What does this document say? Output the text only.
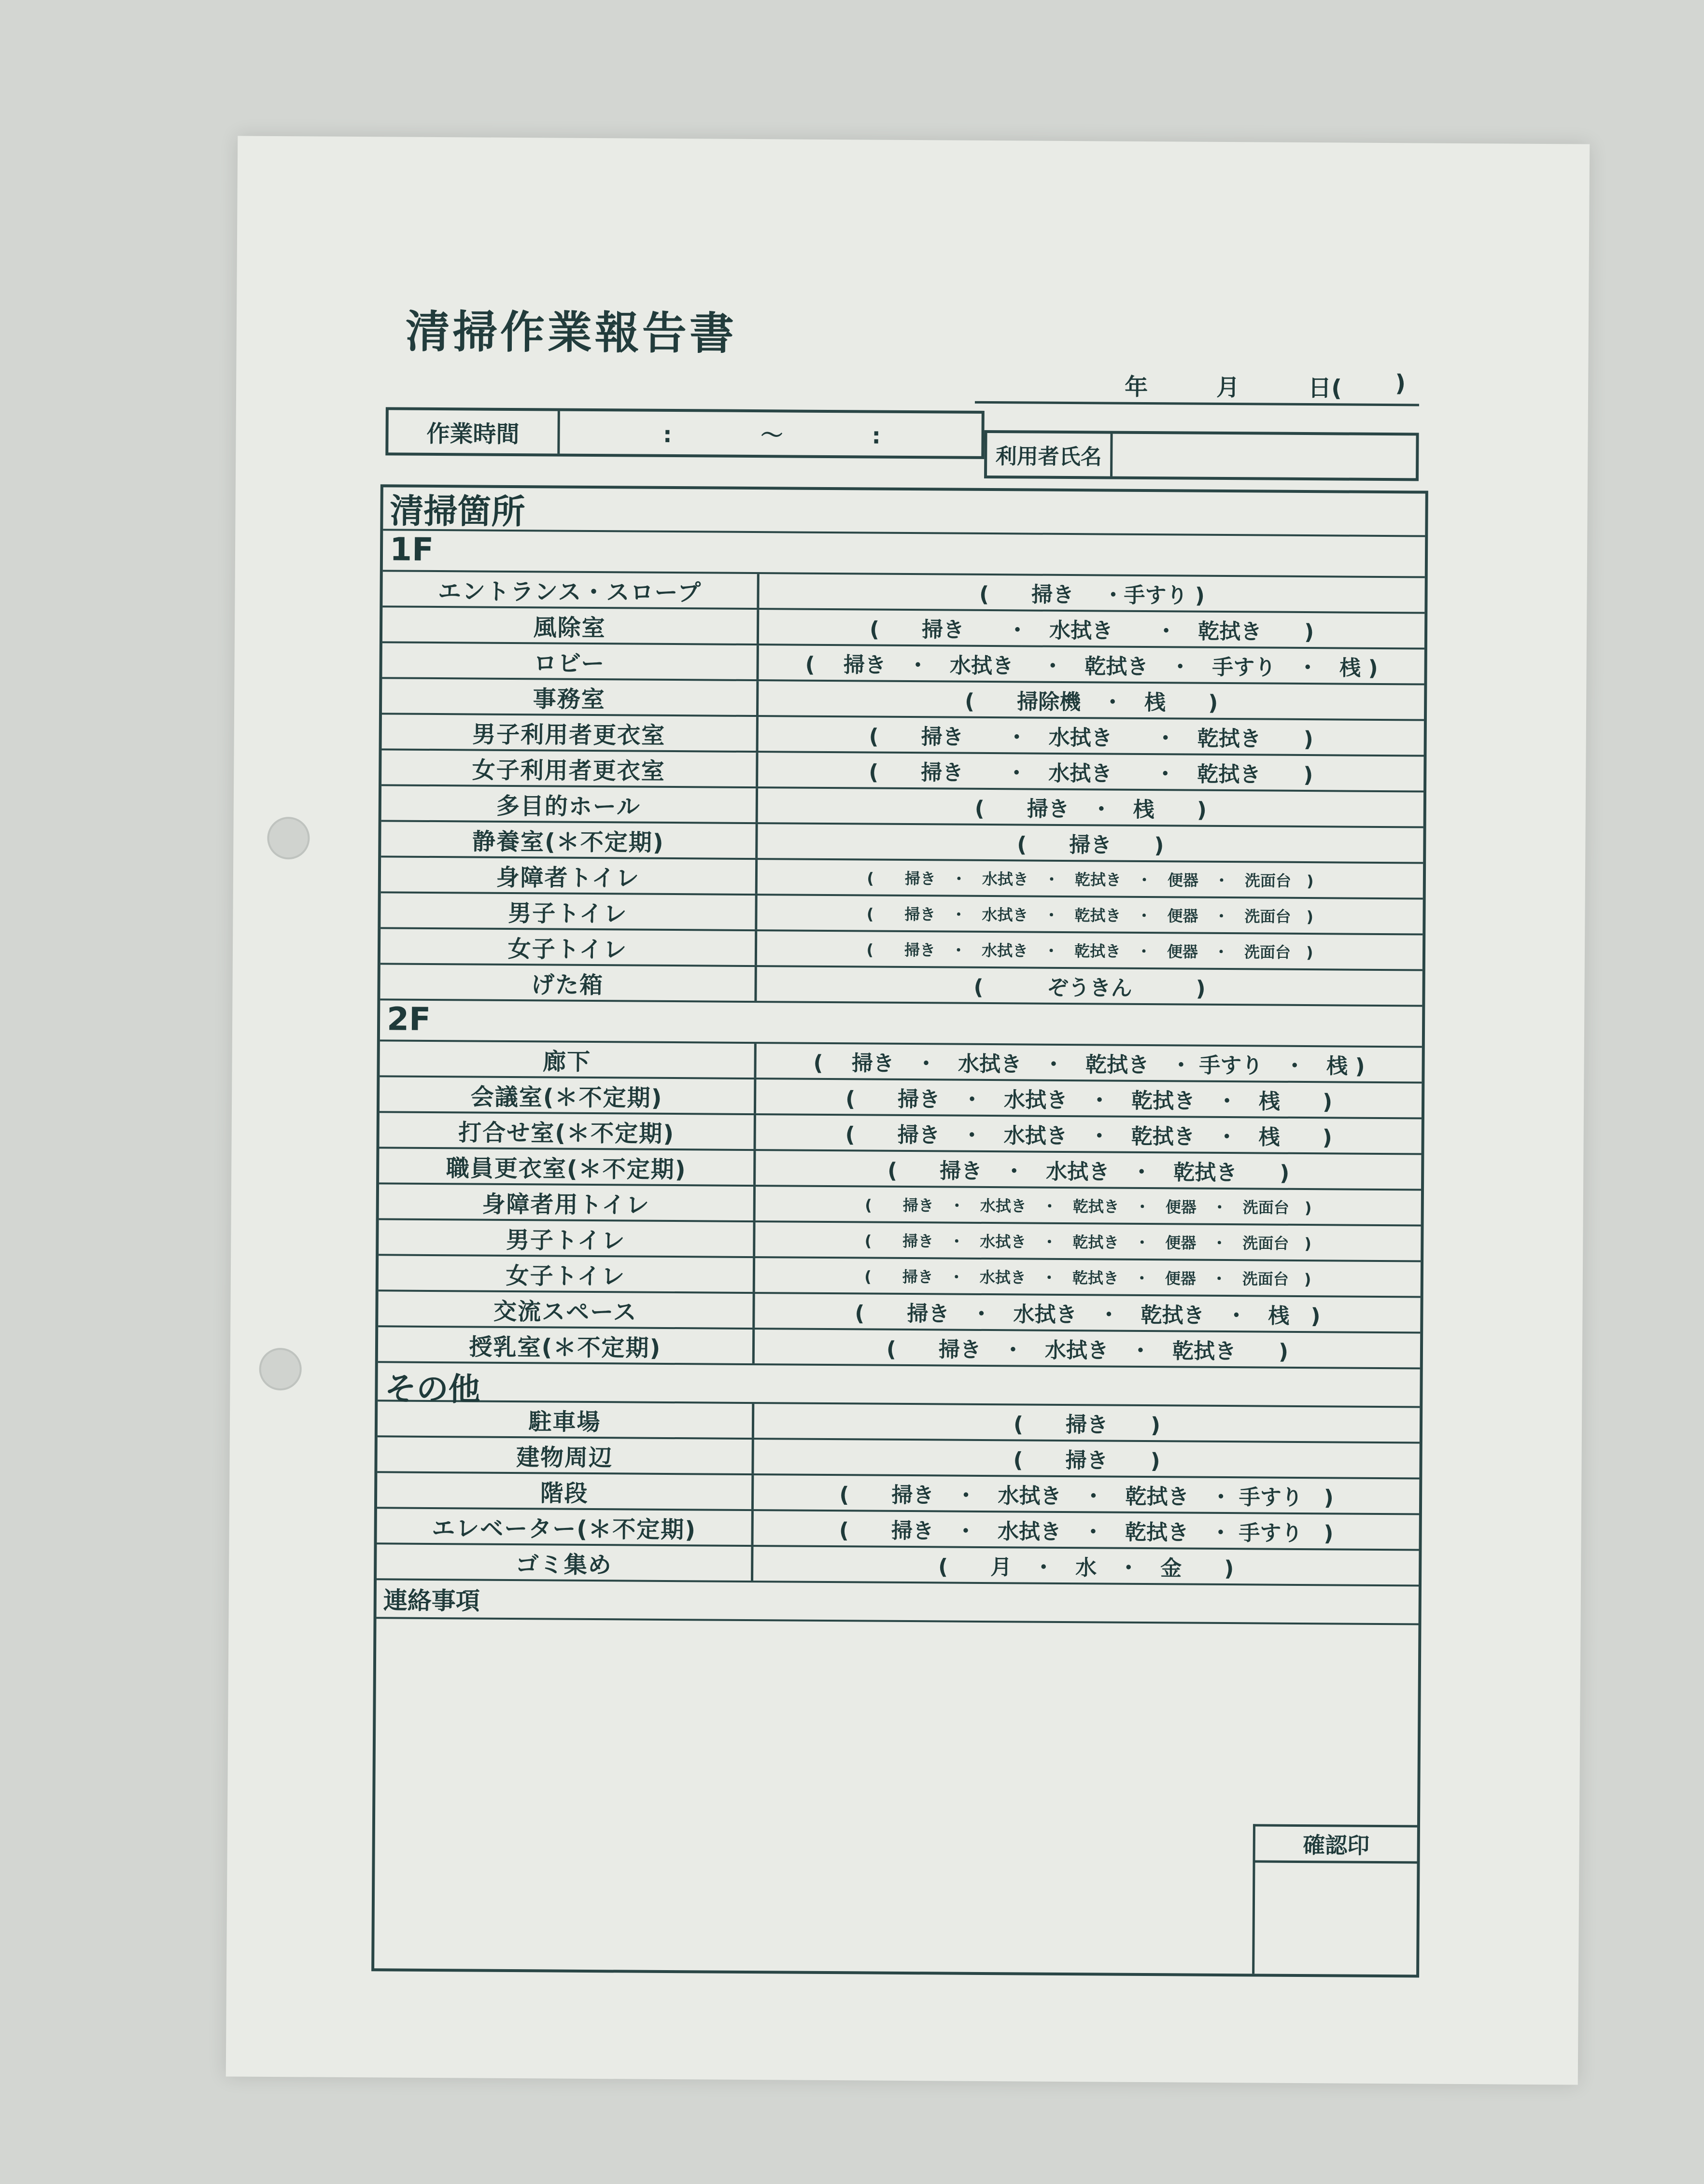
清掃作業報告書
年	月	日( )
作業時間	:　　　　～　　　　:
利用者氏名
清掃箇所
1F
エントランス・スロープ	(　　掃き　 ・手すり )
風除室	(　　掃き　　・　水拭き　　・　乾拭き　　)
ロビー	(　 掃き　・　水拭き　 ・　乾拭き　・　手すり　・　桟 )
事務室	(　　掃除機　・　桟　　)
男子利用者更衣室	(　　掃き　　・　水拭き　　・　乾拭き　　)
女子利用者更衣室	(　　掃き　　・　水拭き　　・　乾拭き　　)
多目的ホール	(　　掃き　・　桟　　)
静養室(＊不定期)	(　　掃き　　)
身障者トイレ	(　　掃き　・　水拭き　・　乾拭き　・　便器　・　洗面台　)
男子トイレ	(　　掃き　・　水拭き　・　乾拭き　・　便器　・　洗面台　)
女子トイレ	(　　掃き　・　水拭き　・　乾拭き　・　便器　・　洗面台　)
げた箱	(　　　ぞうきん　　　)
2F
廊下	(　 掃き　・　水拭き　・　乾拭き　・ 手すり　・　桟 )
会議室(＊不定期)	(　　掃き　・　水拭き　・　乾拭き　・　桟　　)
打合せ室(＊不定期)	(　　掃き　・　水拭き　・　乾拭き　・　桟　　)
職員更衣室(＊不定期)	(　　掃き　・　水拭き　・　乾拭き　　)
身障者用トイレ	(　　掃き　・　水拭き　・　乾拭き　・　便器　・　洗面台　)
男子トイレ	(　　掃き　・　水拭き　・　乾拭き　・　便器　・　洗面台　)
女子トイレ	(　　掃き　・　水拭き　・　乾拭き　・　便器　・　洗面台　)
交流スペース	(　　掃き　・　水拭き　・　乾拭き　・　桟　)
授乳室(＊不定期)	(　　掃き　・　水拭き　・　乾拭き　　)
その他
駐車場	(　　掃き　　)
建物周辺	(　　掃き　　)
階段	(　　掃き　・　水拭き　・　乾拭き　・ 手すり　)
エレベーター(＊不定期)	(　　掃き　・　水拭き　・　乾拭き　・ 手すり　)
ゴミ集め	(　　月　・　水　・　金　　)
連絡事項
確認印
